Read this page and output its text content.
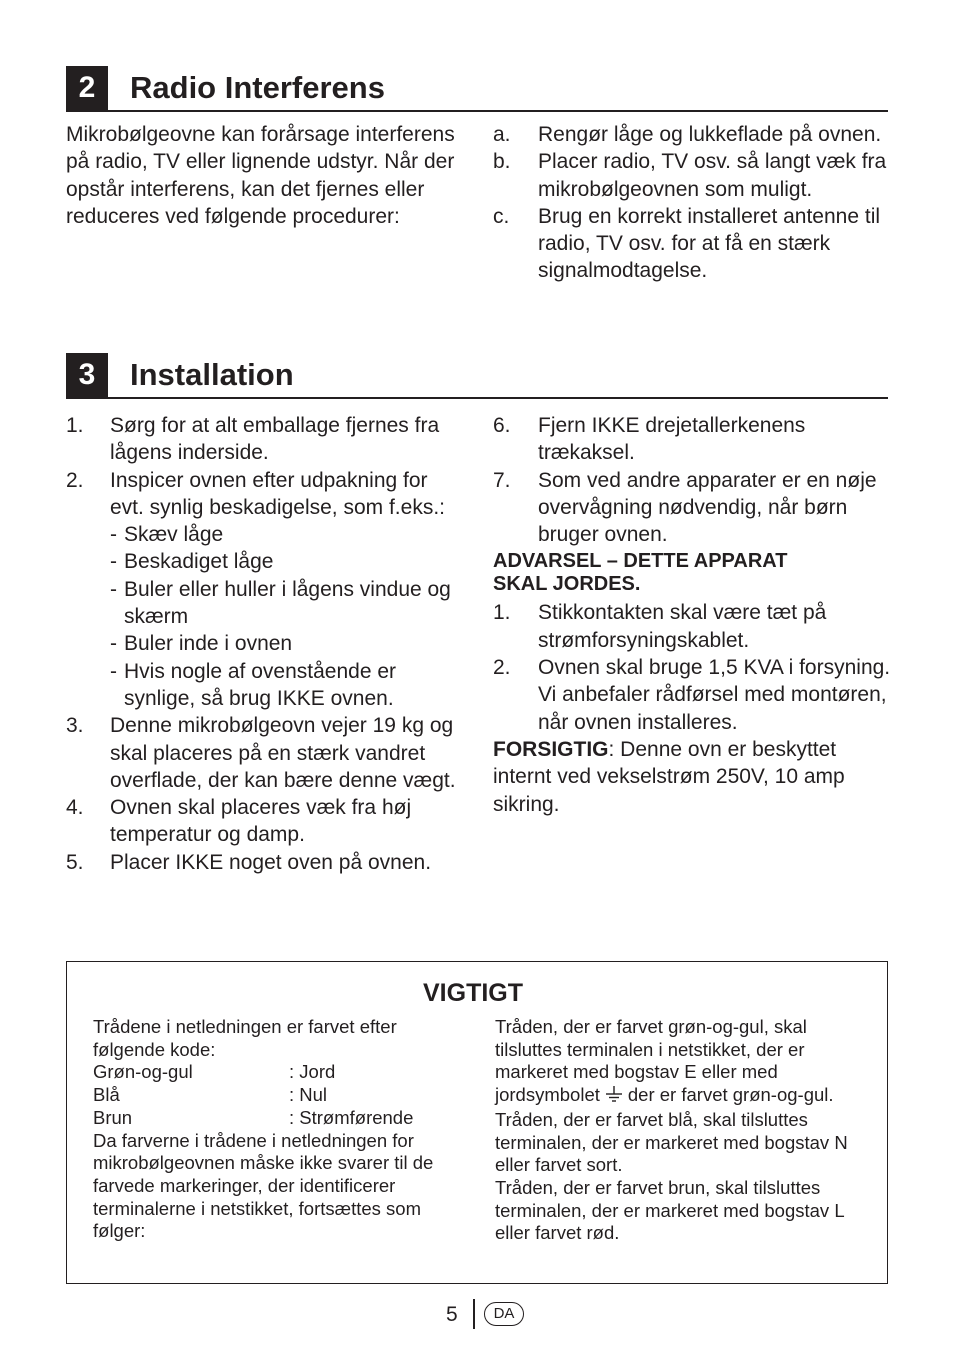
2	Radio Interferens

Mikrobølgeovne kan forårsage interferens på radio, TV eller lignende udstyr. Når der opstår interferens, kan det fjernes eller reduceres ved følgende procedurer:

a. Rengør låge og lukkeflade på ovnen.
b. Placer radio, TV osv. så langt væk fra mikrobølgeovnen som muligt.
c. Brug en korrekt installeret antenne til radio, TV osv. for at få en stærk signalmodtagelse.
3	Installation
1. Sørg for at alt emballage fjernes fra lågens inderside.
2. Inspicer ovnen efter udpakning for evt. synlig beskadigelse, som f.eks.:
- Skæv låge
- Beskadiget låge
- Buler eller huller i lågens vindue og skærm
- Buler inde i ovnen
- Hvis nogle af ovenstående er synlige, så brug IKKE ovnen.
3. Denne mikrobølgeovn vejer 19 kg og skal placeres på en stærk vandret overflade, der kan bære denne vægt.
4. Ovnen skal placeres væk fra høj temperatur og damp.
5. Placer IKKE noget oven på ovnen.
6. Fjern IKKE drejetallerkenens trækaksel.
7. Som ved andre apparater er en nøje overvågning nødvendig, når børn bruger ovnen.

ADVARSEL – DETTE APPARAT
SKAL JORDES.

1. Stikkontakten skal være tæt på strømforsyningskablet.
2. Ovnen skal bruge 1,5 KVA i forsyning. Vi anbefaler rådførsel med montøren, når ovnen installeres.

FORSIGTIG: Denne ovn er beskyttet internt ved vekselstrøm 250V, 10 amp sikring.

VIGTIGT

Trådene i netledningen er farvet efter følgende kode:

Grøn-og-gul	: Jord
Blå	: Nul
Brun	: Strømførende

Da farverne i trådene i netledningen for mikrobølgeovnen måske ikke svarer til de farvede markeringer, der identificerer terminalerne i netstikket, fortsættes som følger:

Tråden, der er farvet grøn-og-gul, skal tilsluttes terminalen i netstikket, der er markeret med bogstav E eller med jordsymbolet der er farvet grøn-og-gul.

Tråden, der er farvet blå, skal tilsluttes terminalen, der er markeret med bogstav N eller farvet sort.

Tråden, der er farvet brun, skal tilsluttes terminalen, der er markeret med bogstav L eller farvet rød.

5	DA
